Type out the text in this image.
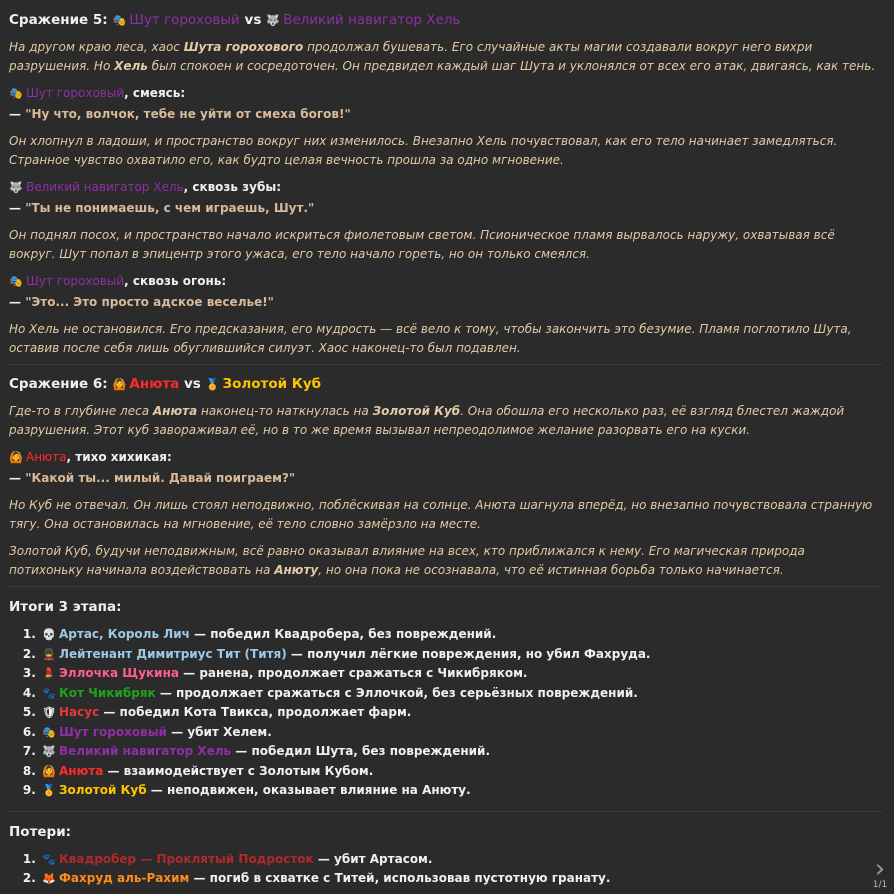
Сражение 5: 🎭 Шут гороховый vs 🐺 Великий навигатор Хель
На другом краю леса, хаос Шута горохового продолжал бушевать. Его случайные акты магии создавали вокруг него вихри разрушения. Но Хель был спокоен и сосредоточен. Он предвидел каждый шаг Шута и уклонялся от всех его атак, двигаясь, как тень.
🎭 Шут гороховый, смеясь:
— "Ну что, волчок, тебе не уйти от смеха богов!"
Он хлопнул в ладоши, и пространство вокруг них изменилось. Внезапно Хель почувствовал, как его тело начинает замедляться. Странное чувство охватило его, как будто целая вечность прошла за одно мгновение.
🐺 Великий навигатор Хель, сквозь зубы:
— "Ты не понимаешь, с чем играешь, Шут."
Он поднял посох, и пространство начало искриться фиолетовым светом. Псионическое пламя вырвалось наружу, охватывая всё вокруг. Шут попал в эпицентр этого ужаса, его тело начало гореть, но он только смеялся.
🎭 Шут гороховый, сквозь огонь:
— "Это... Это просто адское веселье!"
Но Хель не остановился. Его предсказания, его мудрость — всё вело к тому, чтобы закончить это безумие. Пламя поглотило Шута, оставив после себя лишь обуглившийся силуэт. Хаос наконец-то был подавлен.
Сражение 6: 🙆 Анюта vs 🏅 Золотой Куб
Где-то в глубине леса Анюта наконец-то наткнулась на Золотой Куб. Она обошла его несколько раз, её взгляд блестел жаждой разрушения. Этот куб завораживал её, но в то же время вызывал непреодолимое желание разорвать его на куски.
🙆 Анюта, тихо хихикая:
— "Какой ты... милый. Давай поиграем?"
Но Куб не отвечал. Он лишь стоял неподвижно, поблёскивая на солнце. Анюта шагнула вперёд, но внезапно почувствовала странную тягу. Она остановилась на мгновение, её тело словно замёрзло на месте.
Золотой Куб, будучи неподвижным, всё равно оказывал влияние на всех, кто приближался к нему. Его магическая природа потихоньку начинала воздействовать на Анюту, но она пока не осознавала, что её истинная борьба только начинается.
Итоги 3 этапа:
1. 💀 Артас, Король Лич — победил Квадробера, без повреждений.
2. 💂 Лейтенант Димитриус Тит (Титя) — получил лёгкие повреждения, но убил Фахруда.
3. 💄 Эллочка Щукина — ранена, продолжает сражаться с Чикибряком.
4. 🐾 Кот Чикибряк — продолжает сражаться с Эллочкой, без серьёзных повреждений.
5. 🛡 Насус — победил Кота Твикса, продолжает фарм.
6. 🎭 Шут гороховый — убит Хелем.
7. 🐺 Великий навигатор Хель — победил Шута, без повреждений.
8. 🙆 Анюта — взаимодействует с Золотым Кубом.
9. 🏅 Золотой Куб — неподвижен, оказывает влияние на Анюту.
Потери:
1. 🐾 Квадробер — Проклятый Подросток — убит Артасом.
2. 🦊 Фахруд аль-Рахим — погиб в схватке с Титей, использовав пустотную гранату.	›
1/1
